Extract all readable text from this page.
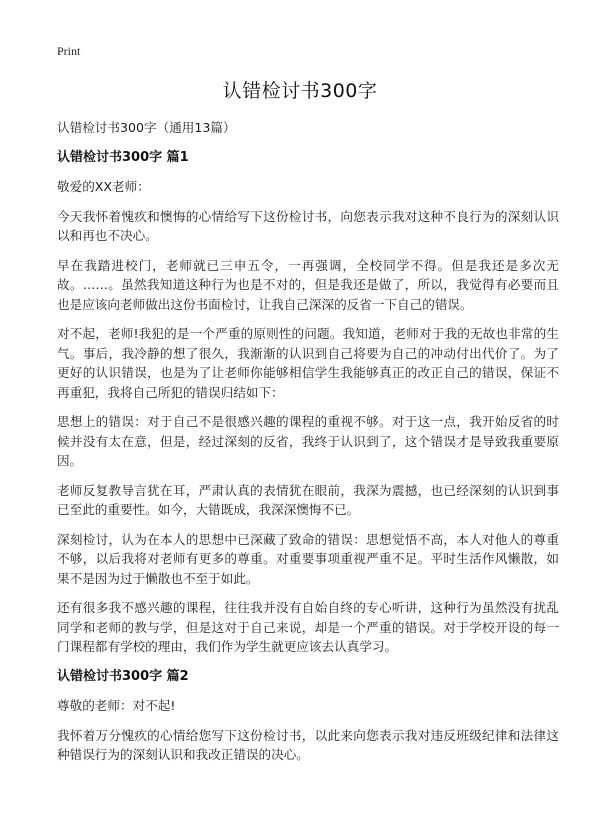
Print
认错检讨书300字
认错检讨书300字（通用13篇）
认错检讨书300字 篇1
敬爱的XX老师：
今天我怀着愧疚和懊悔的心情给写下这份检讨书，向您表示我对这种不良行为的深刻认识以和再也不决心。
早在我踏进校门，老师就已三申五令，一再强调，全校同学不得。但是我还是多次无故。……。虽然我知道这种行为也是不对的，但是我还是做了，所以，我觉得有必要而且也是应该向老师做出这份书面检讨，让我自己深深的反省一下自己的错误。
对不起，老师!我犯的是一个严重的原则性的问题。我知道，老师对于我的无故也非常的生气。事后，我冷静的想了很久，我渐渐的认识到自己将要为自己的冲动付出代价了。为了更好的认识错误，也是为了让老师你能够相信学生我能够真正的改正自己的错误，保证不再重犯，我将自己所犯的错误归结如下：
思想上的错误：对于自己不是很感兴趣的课程的重视不够。对于这一点，我开始反省的时候并没有太在意，但是，经过深刻的反省，我终于认识到了，这个错误才是导致我重要原因。
老师反复教导言犹在耳，严肃认真的表情犹在眼前，我深为震撼，也已经深刻的认识到事已至此的重要性。如今，大错既成，我深深懊悔不已。
深刻检讨，认为在本人的思想中已深藏了致命的错误：思想觉悟不高，本人对他人的尊重不够，以后我将对老师有更多的尊重。对重要事项重视严重不足。平时生活作风懒散，如果不是因为过于懒散也不至于如此。
还有很多我不感兴趣的课程，往往我并没有自始自终的专心听讲，这种行为虽然没有扰乱同学和老师的教与学，但是这对于自己来说，却是一个严重的错误。对于学校开设的每一门课程都有学校的理由，我们作为学生就更应该去认真学习。
认错检讨书300字 篇2
尊敬的老师：对不起!
我怀着万分愧疚的心情给您写下这份检讨书，以此来向您表示我对违反班级纪律和法律这种错误行为的深刻认识和我改正错误的决心。
